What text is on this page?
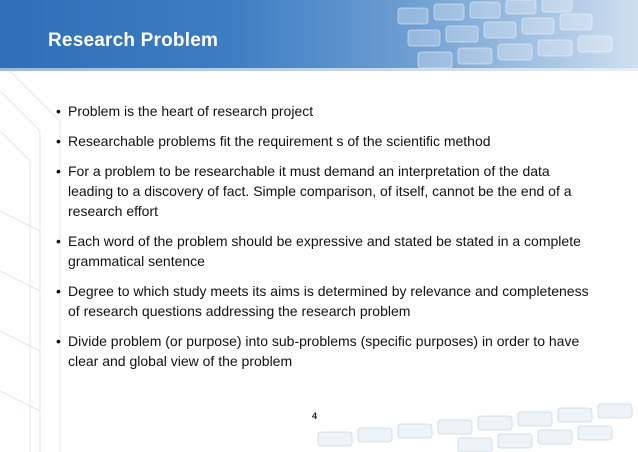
Research Problem
• Problem is the heart of research project
• Researchable problems fit the requirement s of the scientific method
• For a problem to be researchable it must demand an interpretation of the data leading to a discovery of fact. Simple comparison, of itself, cannot be the end of a research effort
• Each word of the problem should be expressive and stated be stated in a complete grammatical sentence
• Degree to which study meets its aims is determined by relevance and completeness of research questions addressing the research problem
• Divide problem (or purpose) into sub-problems (specific purposes) in order to have clear and global view of the problem
4
